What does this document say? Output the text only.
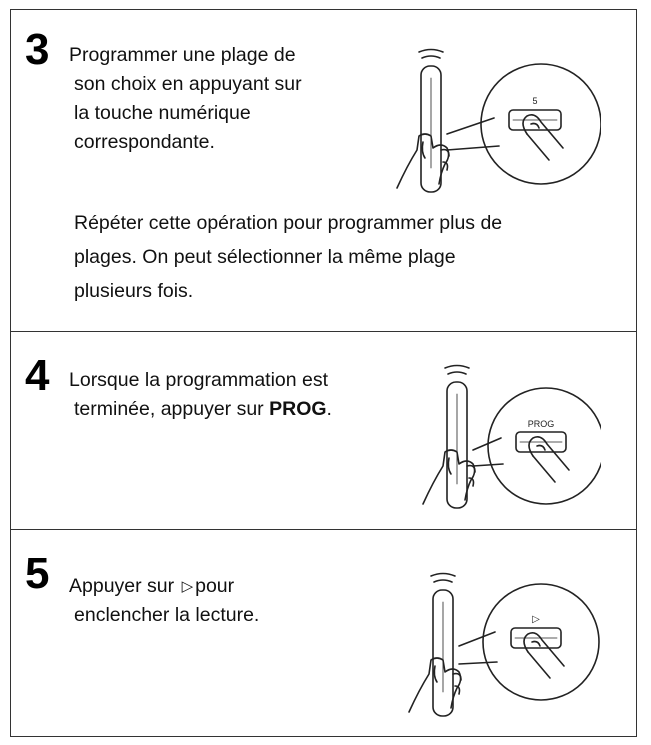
3 Programmer une plage de
son choix en appuyant sur
la touche numérique
correspondante.
Répéter cette opération pour programmer plus de
plages. On peut sélectionner la même plage
plusieurs fois.
5
4 Lorsque la programmation est
terminée, appuyer sur PROG.
PROG
5 Appuyer sur ▷ pour
enclencher la lecture.	▷
